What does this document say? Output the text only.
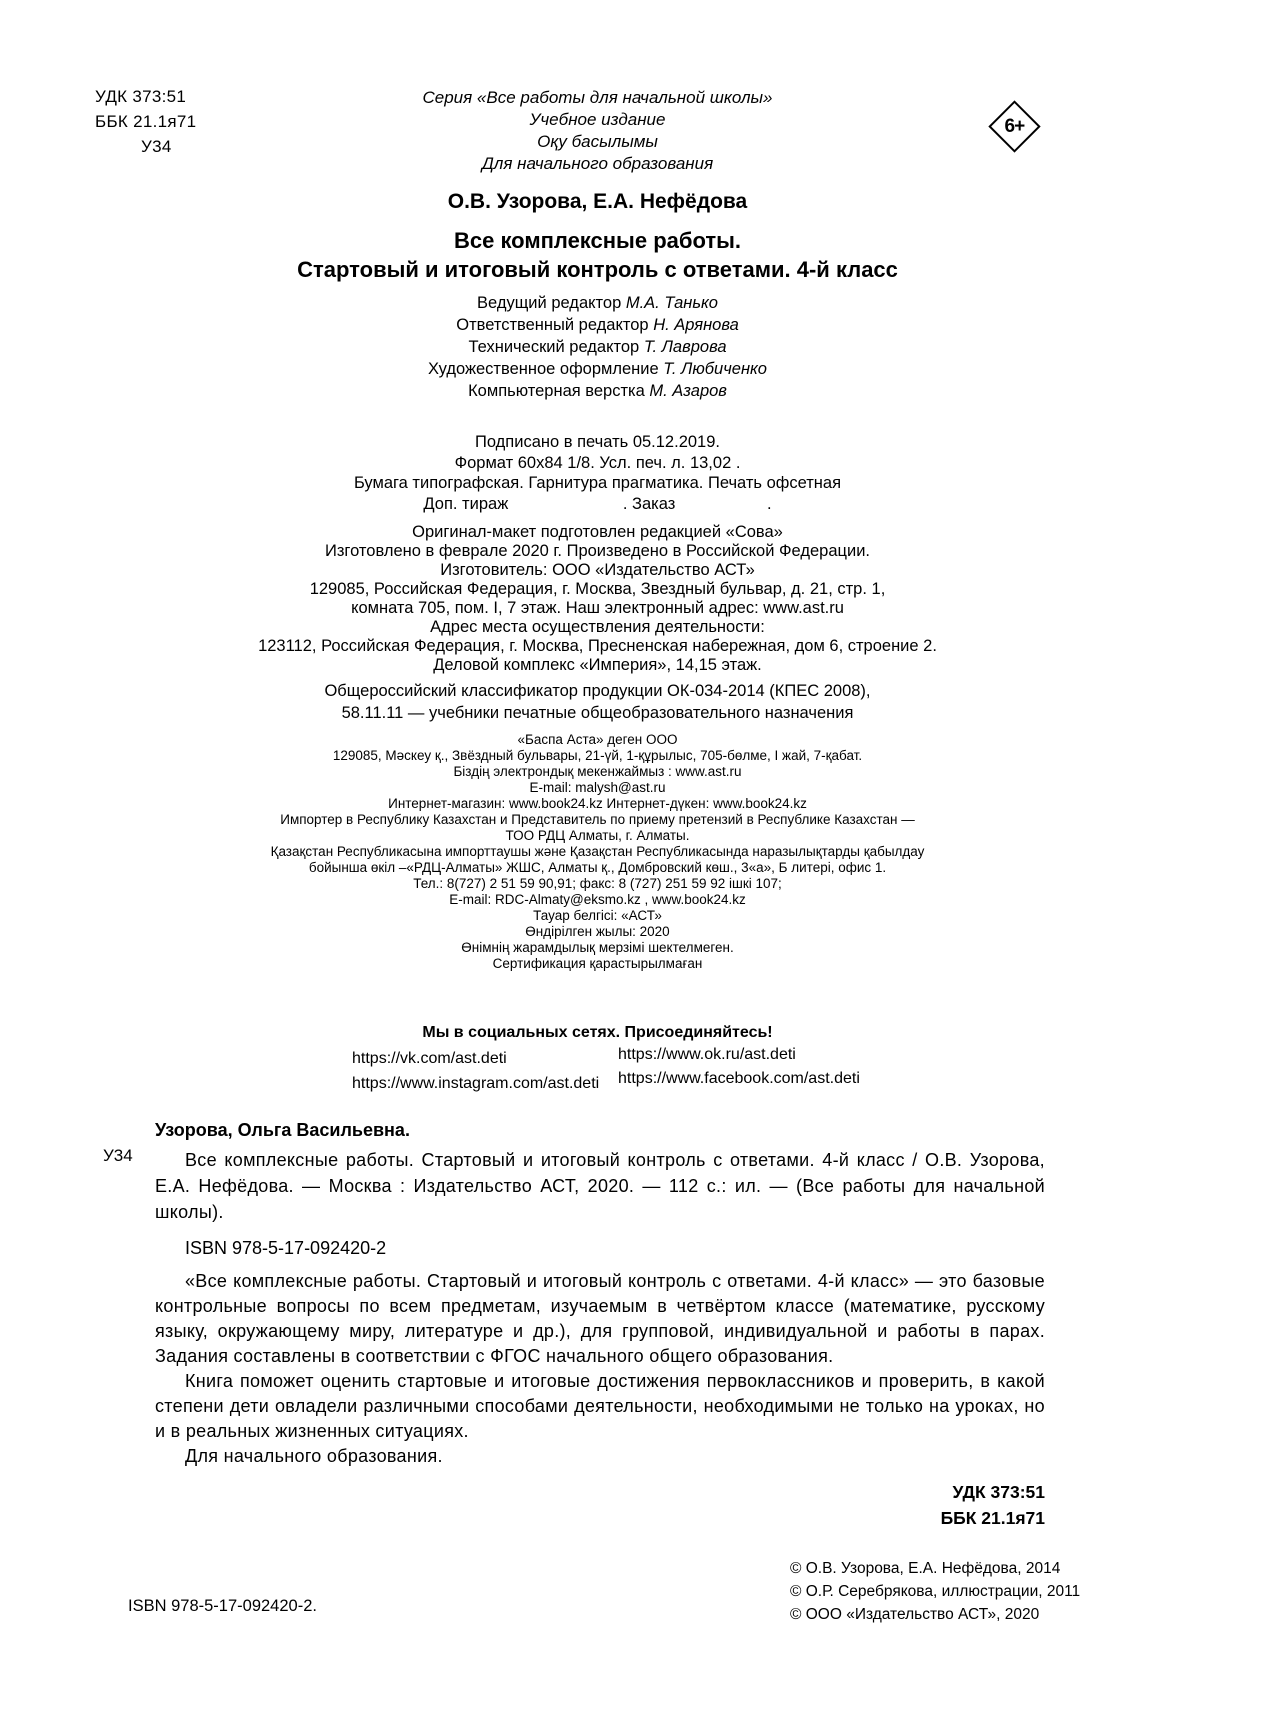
УДК 373:51
ББК 21.1я71
У34
6+
Серия «Все работы для начальной школы»
Учебное издание
Оқу басылымы
Для начального образования
О.В. Узорова, Е.А. Нефёдова
Все комплексные работы.
Стартовый и итоговый контроль с ответами. 4-й класс
Ведущий редактор М.А. Танько
Ответственный редактор Н. Арянова
Технический редактор Т. Лаврова
Художественное оформление Т. Любиченко
Компьютерная верстка М. Азаров
Подписано в печать 05.12.2019.
Формат 60х84 1/8. Усл. печ. л. 13,02 .
Бумага типографская. Гарнитура прагматика. Печать офсетная
Доп. тираж                         . Заказ                    .
Оригинал-макет подготовлен редакцией «Сова»
Изготовлено в феврале 2020 г. Произведено в Российской Федерации.
Изготовитель: ООО «Издательство АСТ»
129085, Российская Федерация, г. Москва, Звездный бульвар, д. 21, стр. 1,
комната 705, пом. I, 7 этаж. Наш электронный адрес: www.ast.ru
Адрес места осуществления деятельности:
123112, Российская Федерация, г. Москва, Пресненская набережная, дом 6, строение 2.
Деловой комплекс «Империя», 14,15 этаж.
Общероссийский классификатор продукции ОК-034-2014 (КПЕС 2008),
58.11.11 — учебники печатные общеобразовательного назначения
«Баспа Аста» деген ООО
129085, Мәскеу қ., Звёздный бульвары, 21-үй, 1-құрылыс, 705-бөлме, I жай, 7-қабат.
Біздің электрондық мекенжаймыз : www.ast.ru
E-mail: malysh@ast.ru
Интернет-магазин: www.book24.kz Интернет-дүкен: www.book24.kz
Импортер в Республику Казахстан и Представитель по приему претензий в Республике Казахстан —
ТОО РДЦ Алматы, г. Алматы.
Қазақстан Республикасына импорттаушы және Қазақстан Республикасында наразылықтарды қабылдау
бойынша өкіл –«РДЦ-Алматы» ЖШС, Алматы қ., Домбровский көш., 3«а», Б литері, офис 1.
Тел.: 8(727) 2 51 59 90,91; факс: 8 (727) 251 59 92 ішкі 107;
E-mail: RDC-Almaty@eksmo.kz , www.book24.kz
Тауар белгісі: «АСТ»
Өндірілген жылы: 2020
Өнімнің жарамдылық мерзімі шектелмеген.
Сертификация қарастырылмаған
Мы в социальных сетях. Присоединяйтесь!
https://vk.com/ast.deti
https://www.instagram.com/ast.deti
https://www.ok.ru/ast.deti
https://www.facebook.com/ast.deti
У34
Узорова, Ольга Васильевна.

Все комплексные работы. Стартовый и итоговый контроль с ответами. 4-й класс / О.В. Узорова, Е.А. Нефёдова. — Москва : Издательство АСТ, 2020. — 112 с.: ил. — (Все работы для начальной школы).

ISBN 978-5-17-092420-2

«Все комплексные работы. Стартовый и итоговый контроль с ответами. 4-й класс» — это базовые контрольные вопросы по всем предметам, изучаемым в четвёртом классе (математике, русскому языку, окружающему миру, литературе и др.), для групповой, индивидуальной и работы в парах. Задания составлены в соответствии с ФГОС начального общего образования.

Книга поможет оценить стартовые и итоговые достижения первоклассников и проверить, в какой степени дети овладели различными способами деятельности, необходимыми не только на уроках, но и в реальных жизненных ситуациях.

Для начального образования.

УДК 373:51
ББК 21.1я71
© О.В. Узорова, Е.А. Нефёдова, 2014
© О.Р. Серебрякова, иллюстрации, 2011
© ООО «Издательство АСТ», 2020
ISBN 978-5-17-092420-2.
